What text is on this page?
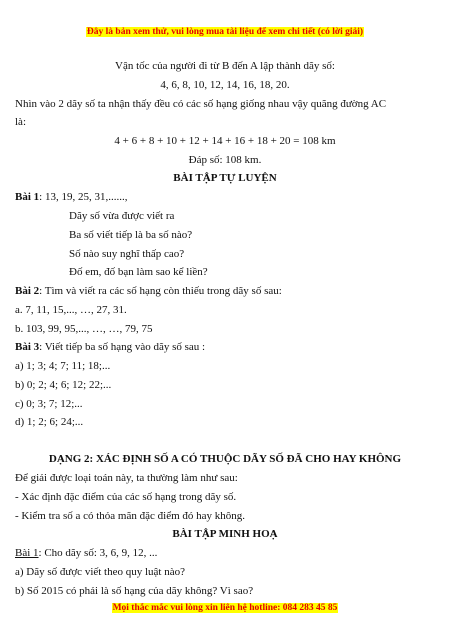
Đây là bản xem thử, vui lòng mua tài liệu để xem chi tiết (có lời giải)
Vận tốc của người đi từ B đến A lập thành dãy số:
4, 6, 8, 10, 12, 14, 16, 18, 20.
Nhìn vào 2 dãy số ta nhận thấy đều có các số hạng giống nhau vậy quãng đường AC
là:
4 + 6 + 8 + 10 + 12 + 14 + 16 + 18 + 20 = 108 km
Đáp số: 108 km.
BÀI TẬP TỰ LUYỆN
Bài 1: 13, 19, 25, 31,......,
Dãy số vừa được viết ra
Ba số viết tiếp là ba số nào?
Số nào suy nghĩ thấp cao?
Đố em, đố bạn làm sao kể liền?
Bài 2: Tìm và viết ra các số hạng còn thiếu trong dãy số sau:
a. 7, 11, 15,..., …, 27, 31.
b. 103, 99, 95,..., …, …, 79, 75
Bài 3: Viết tiếp ba số hạng vào dãy số sau :
a) 1; 3; 4; 7; 11; 18;...
b) 0; 2; 4; 6; 12; 22;...
c) 0; 3; 7; 12;...
d) 1; 2; 6; 24;...
DẠNG 2: XÁC ĐỊNH SỐ A CÓ THUỘC DÃY SỐ ĐÃ CHO HAY KHÔNG
Để giải được loại toán này, ta thường làm như sau:
- Xác định đặc điểm của các số hạng trong dãy số.
- Kiểm tra số a có thỏa mãn đặc điểm đó hay không.
BÀI TẬP MINH HOẠ
Bài 1: Cho dãy số: 3, 6, 9, 12, ...
a) Dãy số được viết theo quy luật nào?
b) Số 2015 có phải là số hạng của dãy không? Vì sao?
Mọi thắc mắc vui lòng xin liên hệ hotline: 084 283 45 85
